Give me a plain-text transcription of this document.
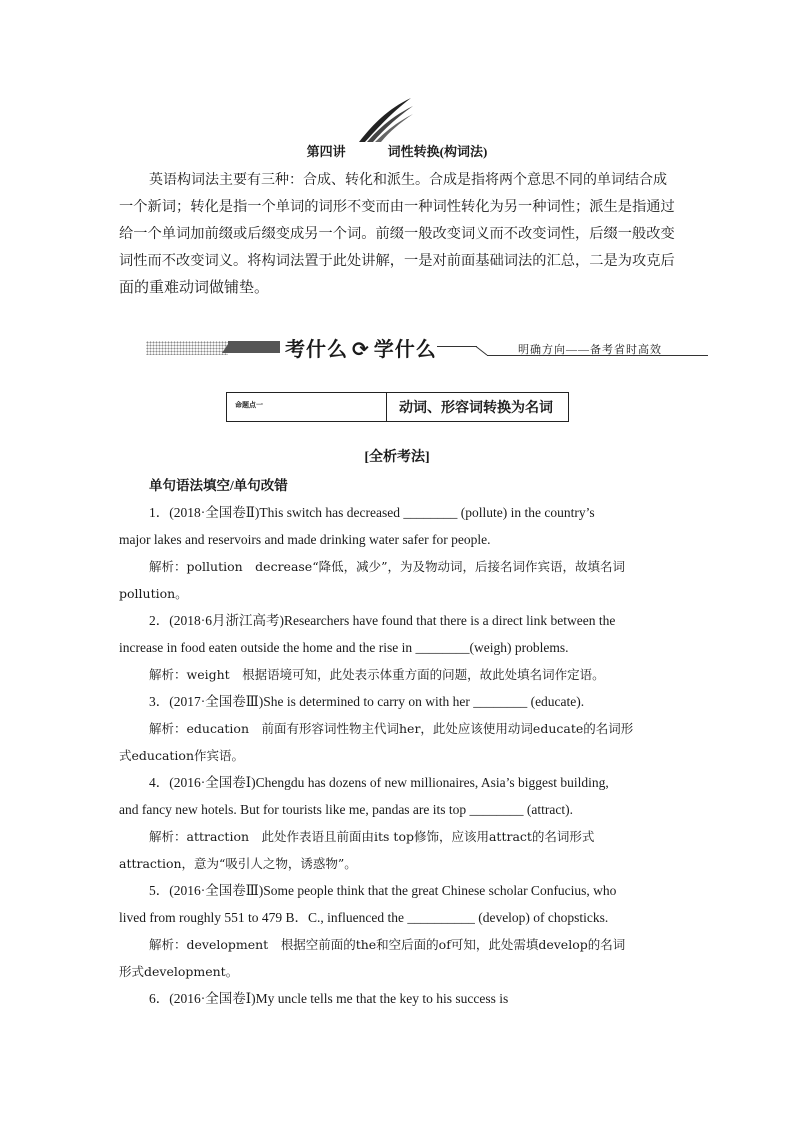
第四讲	词性转换(构词法)
英语构词法主要有三种：合成、转化和派生。合成是指将两个意思不同的单词结合成
一个新词；转化是指一个单词的词形不变而由一种词性转化为另一种词性；派生是指通过
给一个单词加前缀或后缀变成另一个词。前缀一般改变词义而不改变词性，后缀一般改变
词性而不改变词义。将构词法置于此处讲解，一是对前面基础词法的汇总，二是为攻克后
面的重难动词做铺垫。
考什么 ⟳ 学什么	明确方向——备考省时高效
命题点一	动词、形容词转换为名词
[全析考法]
单句语法填空/单句改错
1．(2018·全国卷Ⅱ)This switch has decreased ________ (pollute) in the country’s
major lakes and reservoirs and made drinking water safer for people.
解析：pollution　decrease“降低，减少”，为及物动词，后接名词作宾语，故填名词
pollution。
2．(2018·6月浙江高考)Researchers have found that there is a direct link between the
increase in food eaten outside the home and the rise in ________(weigh) problems.
解析：weight　根据语境可知，此处表示体重方面的问题，故此处填名词作定语。
3．(2017·全国卷Ⅲ)She is determined to carry on with her ________ (educate).
解析：education　前面有形容词性物主代词her，此处应该使用动词educate的名词形
式education作宾语。
4．(2016·全国卷Ⅰ)Chengdu has dozens of new millionaires, Asia’s biggest building,
and fancy new hotels. But for tourists like me, pandas are its top ________ (attract).
解析：attraction　此处作表语且前面由its top修饰，应该用attract的名词形式
attraction，意为“吸引人之物，诱惑物”。
5．(2016·全国卷Ⅲ)Some people think that the great Chinese scholar Confucius, who
lived from roughly 551 to 479 B．C., influenced the __________ (develop) of chopsticks.
解析：development　根据空前面的the和空后面的of可知，此处需填develop的名词
形式development。
6．(2016·全国卷Ⅰ)My uncle tells me that the key to his success is
